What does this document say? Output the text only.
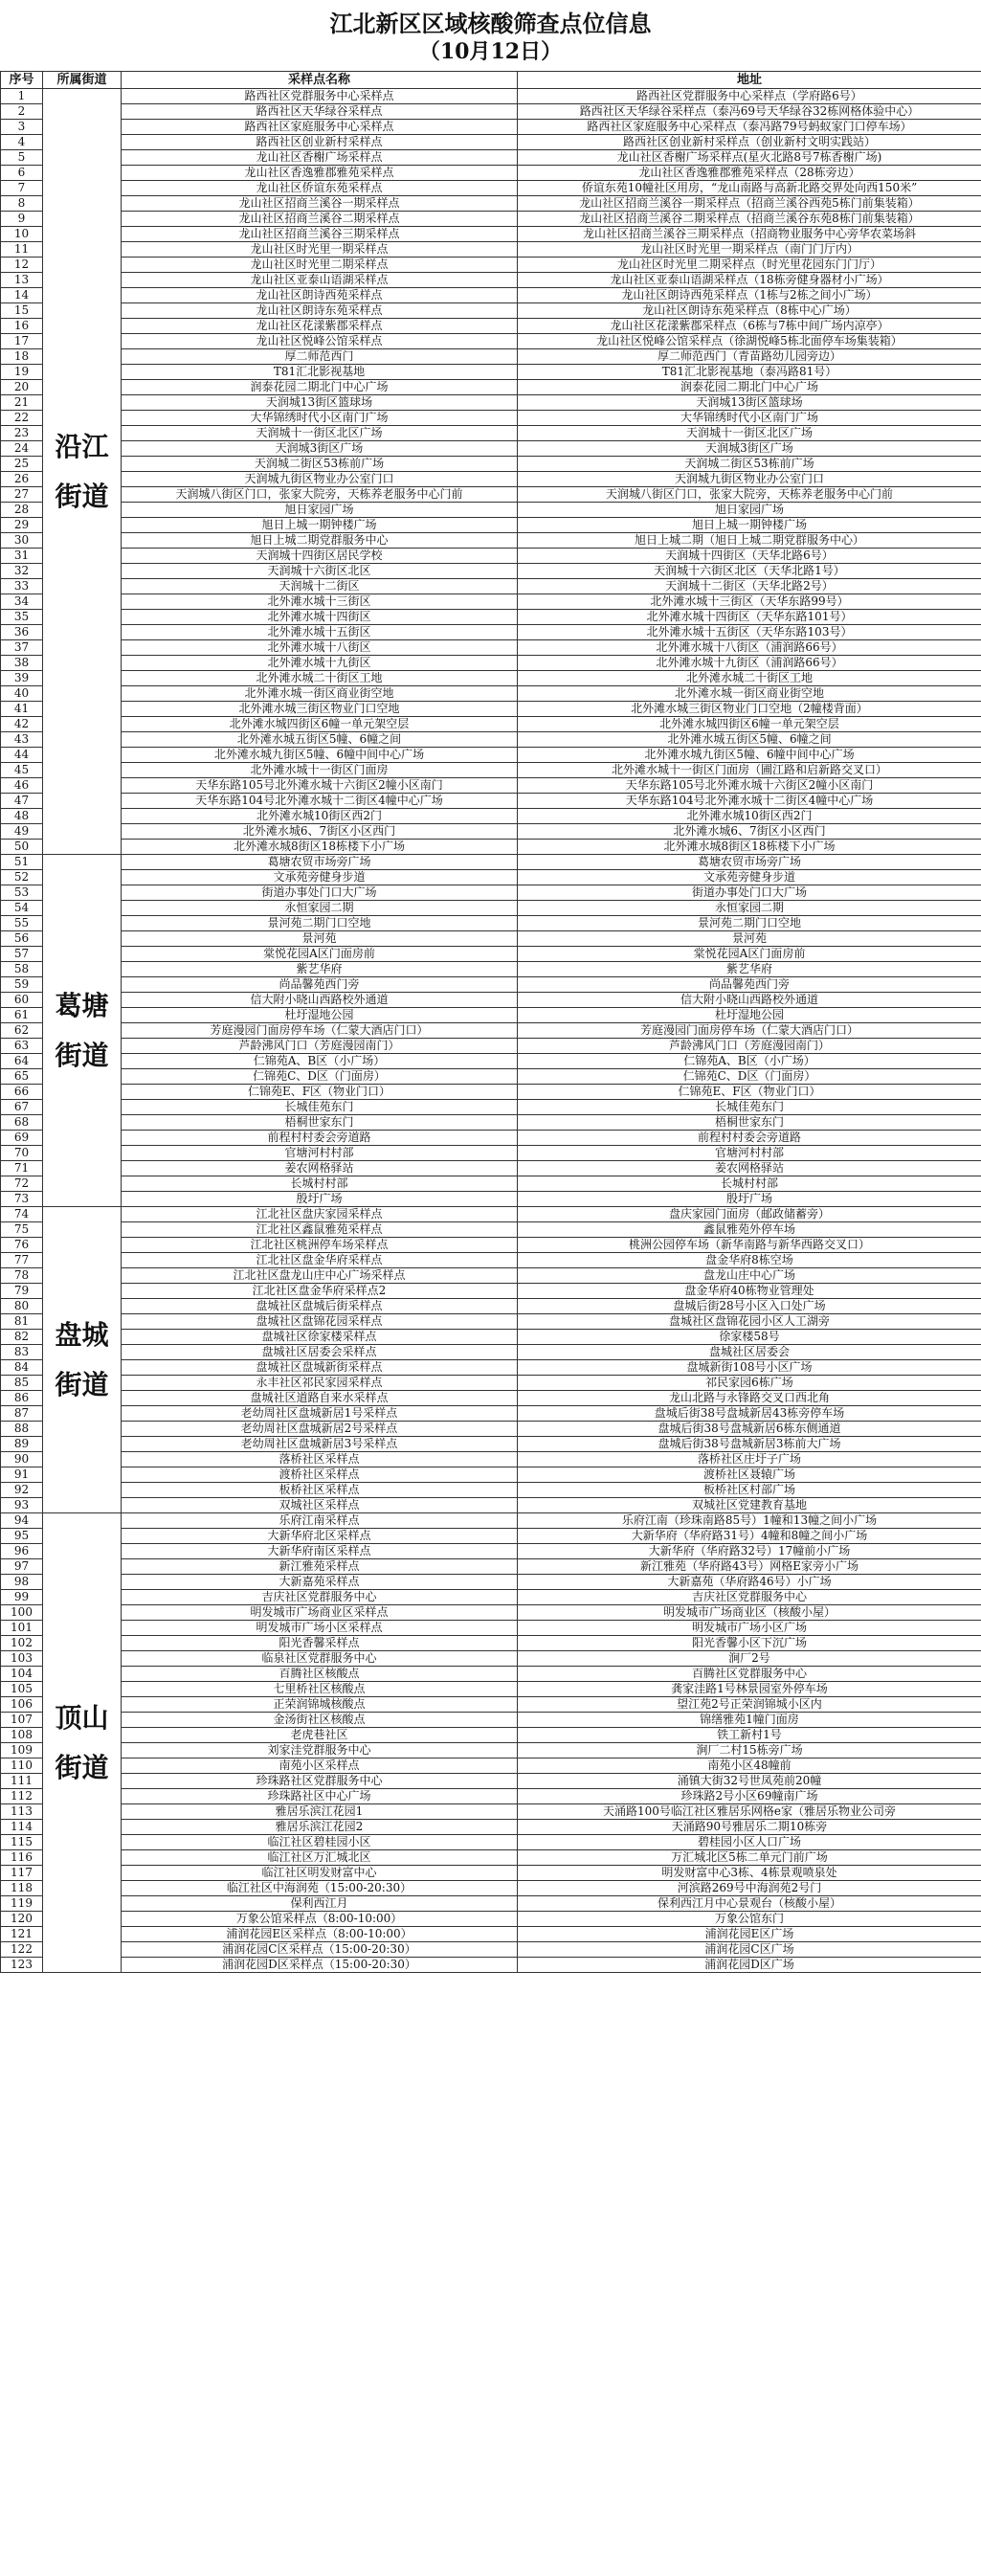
江北新区区域核酸筛查点位信息
（10月12日）
序号	所属街道	采样点名称	地址
1	沿江街道	路西社区党群服务中心采样点	路西社区党群服务中心采样点（学府路6号）
2		路西社区天华绿谷采样点	路西社区天华绿谷采样点（泰冯69号天华绿谷32栋网格体验中心）
3		路西社区家庭服务中心采样点	路西社区家庭服务中心采样点（泰冯路79号蚂蚁家门口停车场）
4		路西社区创业新村采样点	路西社区创业新村采样点（创业新村文明实践站）
5		龙山社区香榭广场采样点	龙山社区香榭广场采样点(星火北路8号7栋香榭广场)
6		龙山社区香逸雅郡雅苑采样点	龙山社区香逸雅郡雅苑采样点（28栋旁边）
7		龙山社区侨谊东苑采样点	侨谊东苑10幢社区用房，“龙山南路与高新北路交界处向西150米”
8		龙山社区招商兰溪谷一期采样点	龙山社区招商兰溪谷一期采样点（招商兰溪谷西苑5栋门前集装箱）
9		龙山社区招商兰溪谷二期采样点	龙山社区招商兰溪谷二期采样点（招商兰溪谷东苑8栋门前集装箱）
10		龙山社区招商兰溪谷三期采样点	龙山社区招商兰溪谷三期采样点（招商物业服务中心旁华农菜场斜
11		龙山社区时光里一期采样点	龙山社区时光里一期采样点（南门门厅内）
12		龙山社区时光里二期采样点	龙山社区时光里二期采样点（时光里花园东门门厅）
13		龙山社区亚泰山语湖采样点	龙山社区亚泰山语湖采样点（18栋旁健身器材小广场）
14		龙山社区朗诗西苑采样点	龙山社区朗诗西苑采样点（1栋与2栋之间小广场）
15		龙山社区朗诗东苑采样点	龙山社区朗诗东苑采样点（8栋中心广场）
16		龙山社区花漾紫郡采样点	龙山社区花漾紫郡采样点（6栋与7栋中间广场内凉亭）
17		龙山社区悦峰公馆采样点	龙山社区悦峰公馆采样点（徐湖悦峰5栋北面停车场集装箱）
18		厚二师范西门	厚二师范西门（青苗路幼儿园旁边）
19		T81汇北影视基地	T81汇北影视基地（泰冯路81号）
20		润泰花园二期北门中心广场	润泰花园二期北门中心广场
21		天润城13街区篮球场	天润城13街区篮球场
22		大华锦绣时代小区南门广场	大华锦绣时代小区南门广场
23		天润城十一街区北区广场	天润城十一街区北区广场
24		天润城3街区广场	天润城3街区广场
25		天润城二街区53栋前广场	天润城二街区53栋前广场
26		天润城九街区物业办公室门口	天润城九街区物业办公室门口
27		天润城八街区门口，张家大院旁，天栋养老服务中心门前	天润城八街区门口，张家大院旁，天栋养老服务中心门前
28		旭日家园广场	旭日家园广场
29		旭日上城一期钟楼广场	旭日上城一期钟楼广场
30		旭日上城二期党群服务中心	旭日上城二期（旭日上城二期党群服务中心）
31		天润城十四街区居民学校	天润城十四街区（天华北路6号）
32		天润城十六街区北区	天润城十六街区北区（天华北路1号）
33		天润城十二街区	天润城十二街区（天华北路2号）
34		北外滩水城十三街区	北外滩水城十三街区（天华东路99号）
35		北外滩水城十四街区	北外滩水城十四街区（天华东路101号）
36		北外滩水城十五街区	北外滩水城十五街区（天华东路103号）
37		北外滩水城十八街区	北外滩水城十八街区（浦润路66号）
38		北外滩水城十九街区	北外滩水城十九街区（浦润路66号）
39		北外滩水城二十街区工地	北外滩水城二十街区工地
40		北外滩水城一街区商业街空地	北外滩水城一街区商业街空地
41		北外滩水城三街区物业门口空地	北外滩水城三街区物业门口空地（2幢楼背面）
42		北外滩水城四街区6幢一单元架空层	北外滩水城四街区6幢一单元架空层
43		北外滩水城五街区5幢、6幢之间	北外滩水城五街区5幢、6幢之间
44		北外滩水城九街区5幢、6幢中间中心广场	北外滩水城九街区5幢、6幢中间中心广场
45		北外滩水城十一街区门面房	北外滩水城十一街区门面房（圃江路和启新路交叉口）
46		天华东路105号北外滩水城十六街区2幢小区南门	天华东路105号北外滩水城十六街区2幢小区南门
47		天华东路104号北外滩水城十二街区4幢中心广场	天华东路104号北外滩水城十二街区4幢中心广场
48		北外滩水城10街区西2门	北外滩水城10街区西2门
49		北外滩水城6、7街区小区西门	北外滩水城6、7街区小区西门
50		北外滩水城8街区18栋楼下小广场	北外滩水城8街区18栋楼下小广场
51	葛塘街道	葛塘农贸市场旁广场	葛塘农贸市场旁广场
52		文承苑旁健身步道	文承苑旁健身步道
53		街道办事处门口大广场	街道办事处门口大广场
54		永恒家园二期	永恒家园二期
55		景河苑二期门口空地	景河苑二期门口空地
56		景河苑	景河苑
57		棠悦花园A区门面房前	棠悦花园A区门面房前
58		紫艺华府	紫艺华府
59		尚品馨苑西门旁	尚品馨苑西门旁
60		信大附小晓山西路校外通道	信大附小晓山西路校外通道
61		杜圩湿地公园	杜圩湿地公园
62		芳庭漫园门面房停车场（仁蒙大酒店门口）	芳庭漫园门面房停车场（仁蒙大酒店门口）
63		芦龄沸风门口（芳庭漫园南门）	芦龄沸风门口（芳庭漫园南门）
64		仁锦苑A、B区（小广场）	仁锦苑A、B区（小广场）
65		仁锦苑C、D区（门面房）	仁锦苑C、D区（门面房）
66		仁锦苑E、F区（物业门口）	仁锦苑E、F区（物业门口）
67		长城佳苑东门	长城佳苑东门
68		梧桐世家东门	梧桐世家东门
69		前程村村委会旁道路	前程村村委会旁道路
70		官塘河村村部	官塘河村村部
71		姜农网格驿站	姜农网格驿站
72		长城村村部	长城村村部
73		殷圩广场	殷圩广场
74	盘城街道	江北社区盘庆家园采样点	盘庆家园门面房（邮政储蓄旁）
75		江北社区鑫鼠雅苑采样点	鑫鼠雅苑外停车场
76		江北社区桃洲停车场采样点	桃洲公园停车场（新华南路与新华西路交叉口）
77		江北社区盘金华府采样点	盘金华府8栋空场
78		江北社区盘龙山庄中心广场采样点	盘龙山庄中心广场
79		江北社区盘金华府采样点2	盘金华府40栋物业管理处
80		盘城社区盘城后街采样点	盘城后街28号小区入口处广场
81		盘城社区盘锦花园采样点	盘城社区盘锦花园小区人工湖旁
82		盘城社区徐家楼采样点	徐家楼58号
83		盘城社区居委会采样点	盘城社区居委会
84		盘城社区盘城新街采样点	盘城新街108号小区广场
85		永丰社区祁民家园采样点	祁民家园6栋广场
86		盘城社区道路自来水采样点	龙山北路与永锋路交叉口西北角
87		老幼周社区盘城新居1号采样点	盘城后街38号盘城新居43栋旁停车场
88		老幼周社区盘城新居2号采样点	盘城后街38号盘城新居6栋东侧通道
89		老幼周社区盘城新居3号采样点	盘城后街38号盘城新居3栋前大广场
90		落桥社区采样点	落桥社区庄圩子广场
91		渡桥社区采样点	渡桥社区聂辕广场
92		板桥社区采样点	板桥社区村部广场
93		双城社区采样点	双城社区党建教育基地
94	顶山街道	乐府江南采样点	乐府江南（珍珠南路85号）1幢和13幢之间小广场
95		大新华府北区采样点	大新华府（华府路31号）4幢和8幢之间小广场
96		大新华府南区采样点	大新华府（华府路32号）17幢前小广场
97		新江雅苑采样点	新江雅苑（华府路43号）网格E家旁小广场
98		大新嘉苑采样点	大新嘉苑（华府路46号）小广场
99		吉庆社区党群服务中心	吉庆社区党群服务中心
100		明发城市广场商业区采样点	明发城市广场商业区（核酸小屋）
101		明发城市广场小区采样点	明发城市广场小区广场
102		阳光香馨采样点	阳光香馨小区下沉广场
103		临泉社区党群服务中心	涧厂2号
104		百腾社区核酸点	百腾社区党群服务中心
105		七里桥社区核酸点	龚家洼路1号林景园室外停车场
106		正荣润锦城核酸点	望江苑2号正荣润锦城小区内
107		金汤街社区核酸点	锦缮雅苑1幢门面房
108		老虎巷社区	铁工新村1号
109		刘家洼党群服务中心	涧厂二村15栋旁广场
110		南苑小区采样点	南苑小区48幢前
111		珍珠路社区党群服务中心	涌镇大街32号世凤苑前20幢
112		珍珠路社区中心广场	珍珠路2号小区69幢南广场
113		雅居乐滨江花园1	天涌路100号临江社区雅居乐网格e家（雅居乐物业公司旁
114		雅居乐滨江花园2	天涌路90号雅居乐二期10栋旁
115		临江社区碧桂园小区	碧桂园小区人口广场
116		临江社区万汇城北区	万汇城北区5栋二单元门前广场
117		临江社区明发财富中心	明发财富中心3栋、4栋景观喷泉处
118		临江社区中海润苑（15:00-20:30）	河滨路269号中海润苑2号门
119		保利西江月	保利西江月中心景观台（核酸小屋）
120		万象公馆采样点（8:00-10:00）	万象公馆东门
121		浦润花园E区采样点（8:00-10:00）	浦润花园E区广场
122		浦润花园C区采样点（15:00-20:30）	浦润花园C区广场
123		浦润花园D区采样点（15:00-20:30）	浦润花园D区广场
